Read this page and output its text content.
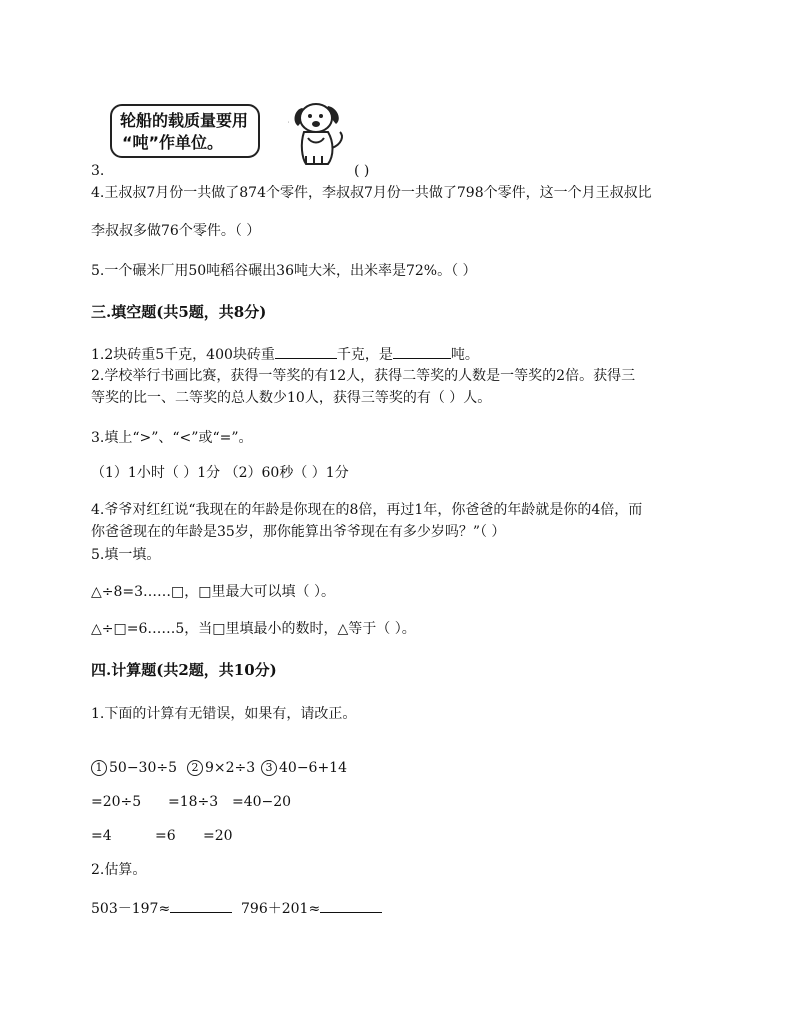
轮船的载质量要用
“吨”作单位。
3.	( )
4.王叔叔7月份一共做了874个零件，李叔叔7月份一共做了798个零件，这一个月王叔叔比
李叔叔多做76个零件。（ ）
5.一个碾米厂用50吨稻谷碾出36吨大米，出米率是72%。（ ）
三.填空题(共5题，共8分)
1.2块砖重5千克，400块砖重	千克，是	吨。
2.学校举行书画比赛，获得一等奖的有12人，获得二等奖的人数是一等奖的2倍。获得三
等奖的比一、二等奖的总人数少10人，获得三等奖的有（ ）人。
3.填上“>”、“<”或“=”。
（1）1小时（ ）1分 （2）60秒（ ）1分
4.爷爷对红红说“我现在的年龄是你现在的8倍，再过1年，你爸爸的年龄就是你的4倍，而
你爸爸现在的年龄是35岁，那你能算出爷爷现在有多少岁吗？”（ ）
5.填一填。
△÷8=3……□，□里最大可以填（ ）。
△÷□=6……5，当□里填最小的数时，△等于（ ）。
四.计算题(共2题，共10分)
1.下面的计算有无错误，如果有，请改正。
1 50−30÷5	2 9×2÷3 3 40−6+14
=20÷5 =18÷3 =40−20
=4	=6 =20
2.估算。
503－197≈	796＋201≈
